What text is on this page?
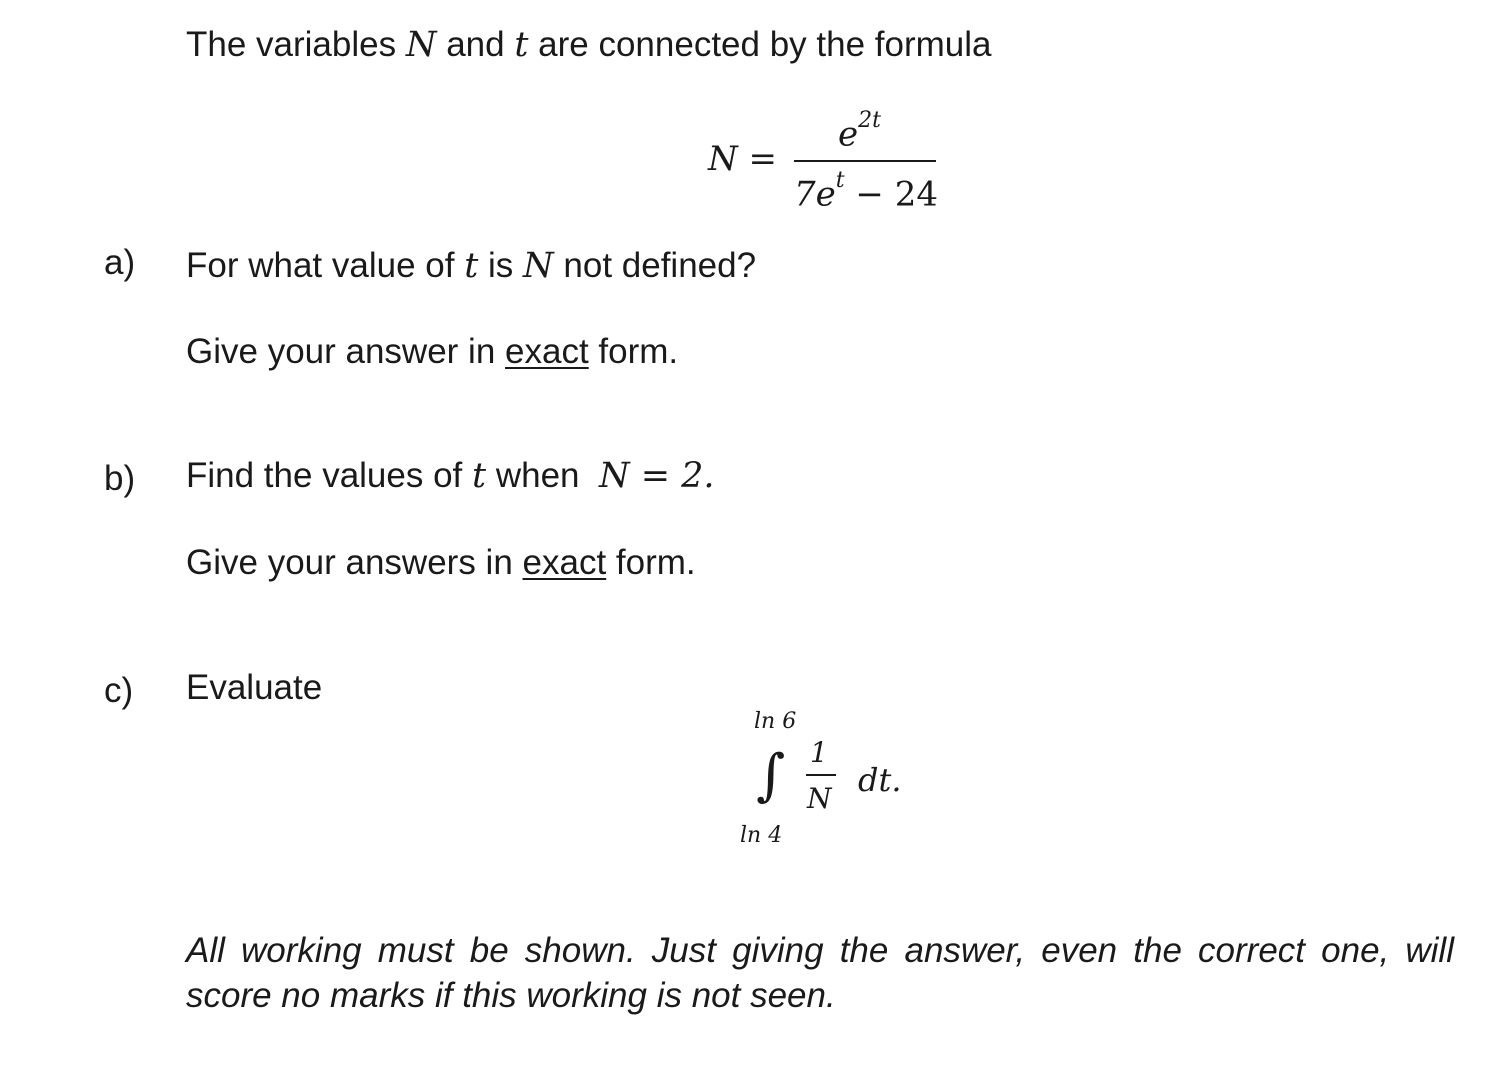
The variables N and t are connected by the formula
N =
$e^{2t}$
$7e^t - 24$
a) For what value of t is N not defined?
Give your answer in exact form.
b) Find the values of t when N = 2.
Give your answers in exact form.
c) Evaluate
ln 6
∫
ln 4
1
N dt.
All working must be shown. Just giving the answer, even the correct one, will score no marks if this working is not seen.
